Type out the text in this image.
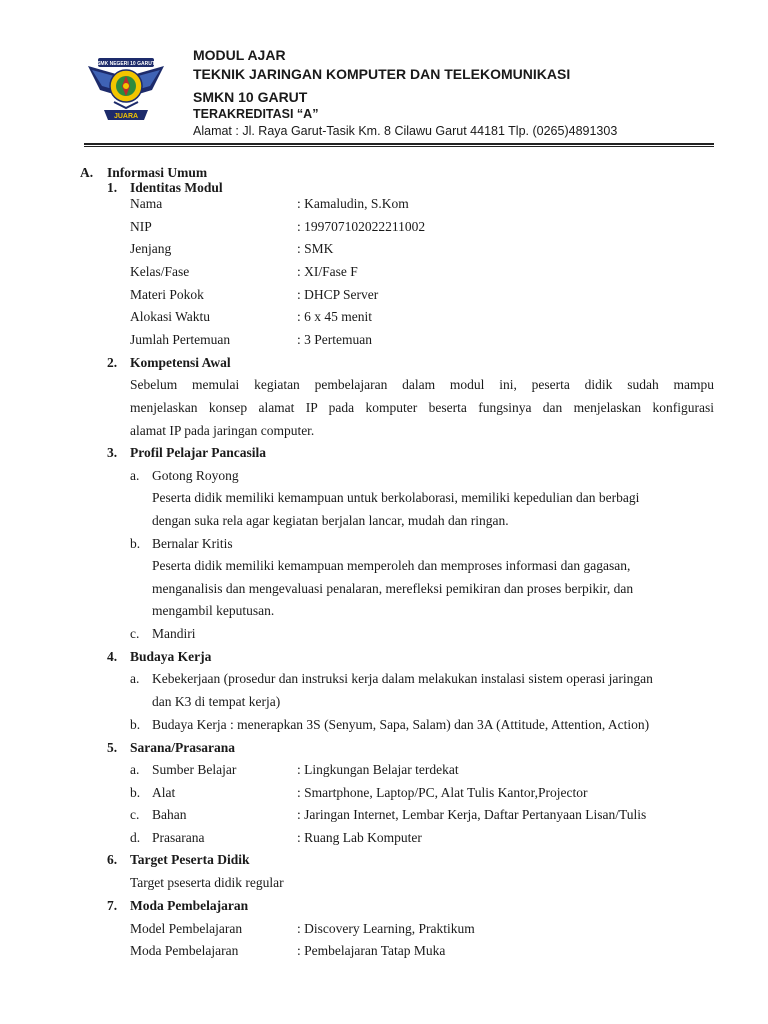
SMK NEGERI 10 GARUT
JUARA
MODUL AJAR
TEKNIK JARINGAN KOMPUTER DAN TELEKOMUNIKASI
SMKN 10 GARUT
TERAKREDITASI “A”
Alamat : Jl. Raya Garut-Tasik Km. 8 Cilawu Garut 44181 Tlp. (0265)4891303
A. Informasi Umum
1. Identitas Modul
Nama	: Kamaludin, S.Kom
NIP	: 199707102022211002
Jenjang	: SMK
Kelas/Fase	: XI/Fase F
Materi Pokok	: DHCP Server
Alokasi Waktu	: 6 x 45 menit
Jumlah Pertemuan	: 3 Pertemuan
2. Kompetensi Awal
Sebelum memulai kegiatan pembelajaran dalam modul ini, peserta didik sudah mampu
menjelaskan konsep alamat IP pada komputer beserta fungsinya dan menjelaskan konfigurasi
alamat IP pada jaringan computer.
3. Profil Pelajar Pancasila
a. Gotong Royong
Peserta didik memiliki kemampuan untuk berkolaborasi, memiliki kepedulian dan berbagi
dengan suka rela agar kegiatan berjalan lancar, mudah dan ringan.
b. Bernalar Kritis
Peserta didik memiliki kemampuan memperoleh dan memproses informasi dan gagasan,
menganalisis dan mengevaluasi penalaran, merefleksi pemikiran dan proses berpikir, dan
mengambil keputusan.
c. Mandiri
4. Budaya Kerja
a. Kebekerjaan (prosedur dan instruksi kerja dalam melakukan instalasi sistem operasi jaringan
dan K3 di tempat kerja)
b. Budaya Kerja : menerapkan 3S (Senyum, Sapa, Salam) dan 3A (Attitude, Attention, Action)
5. Sarana/Prasarana
a. Sumber Belajar	: Lingkungan Belajar terdekat
b. Alat	: Smartphone, Laptop/PC, Alat Tulis Kantor,Projector
c. Bahan	: Jaringan Internet, Lembar Kerja, Daftar Pertanyaan Lisan/Tulis
d. Prasarana	: Ruang Lab Komputer
6. Target Peserta Didik
Target pseserta didik regular
7. Moda Pembelajaran
Model Pembelajaran	: Discovery Learning, Praktikum
Moda Pembelajaran	: Pembelajaran Tatap Muka
